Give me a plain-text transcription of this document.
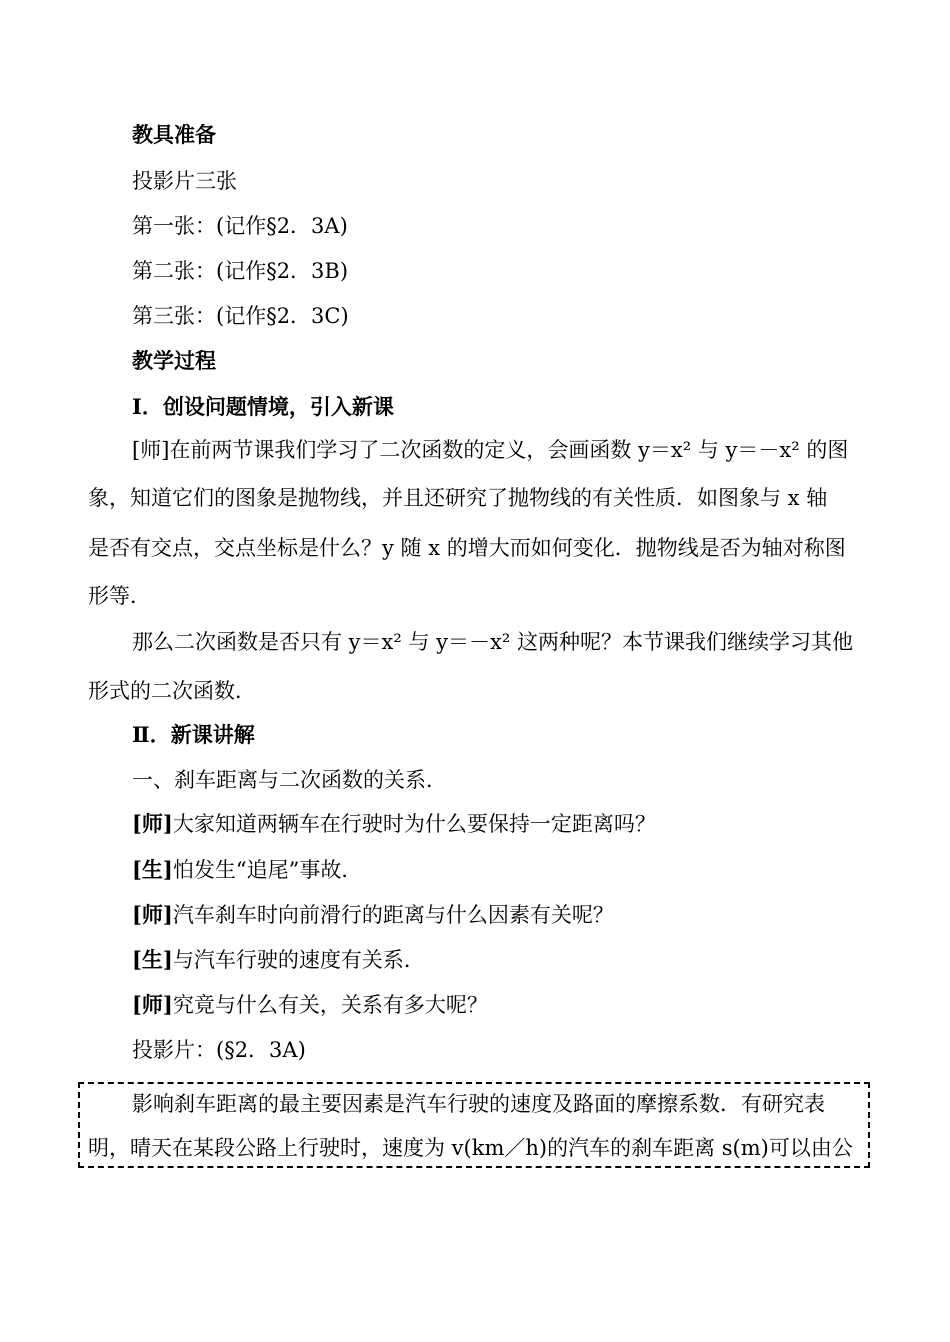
教具准备
投影片三张
第一张：(记作§2．3A)
第二张：(记作§2．3B)
第三张：(记作§2．3C)
教学过程
Ⅰ．创设问题情境，引入新课
[师]在前两节课我们学习了二次函数的定义，会画函数 y＝x² 与 y＝－x² 的图
象，知道它们的图象是抛物线，并且还研究了抛物线的有关性质．如图象与 x 轴
是否有交点，交点坐标是什么？y 随 x 的增大而如何变化．抛物线是否为轴对称图
形等．
那么二次函数是否只有 y＝x² 与 y＝－x² 这两种呢？本节课我们继续学习其他
形式的二次函数．
Ⅱ．新课讲解
一、刹车距离与二次函数的关系．
[师]大家知道两辆车在行驶时为什么要保持一定距离吗？
[生]怕发生“追尾”事故．
[师]汽车刹车时向前滑行的距离与什么因素有关呢？
[生]与汽车行驶的速度有关系．
[师]究竟与什么有关，关系有多大呢？
投影片：(§2．3A)
影响刹车距离的最主要因素是汽车行驶的速度及路面的摩擦系数．有研究表
明，晴天在某段公路上行驶时，速度为 v(km／h)的汽车的刹车距离 s(m)可以由公
